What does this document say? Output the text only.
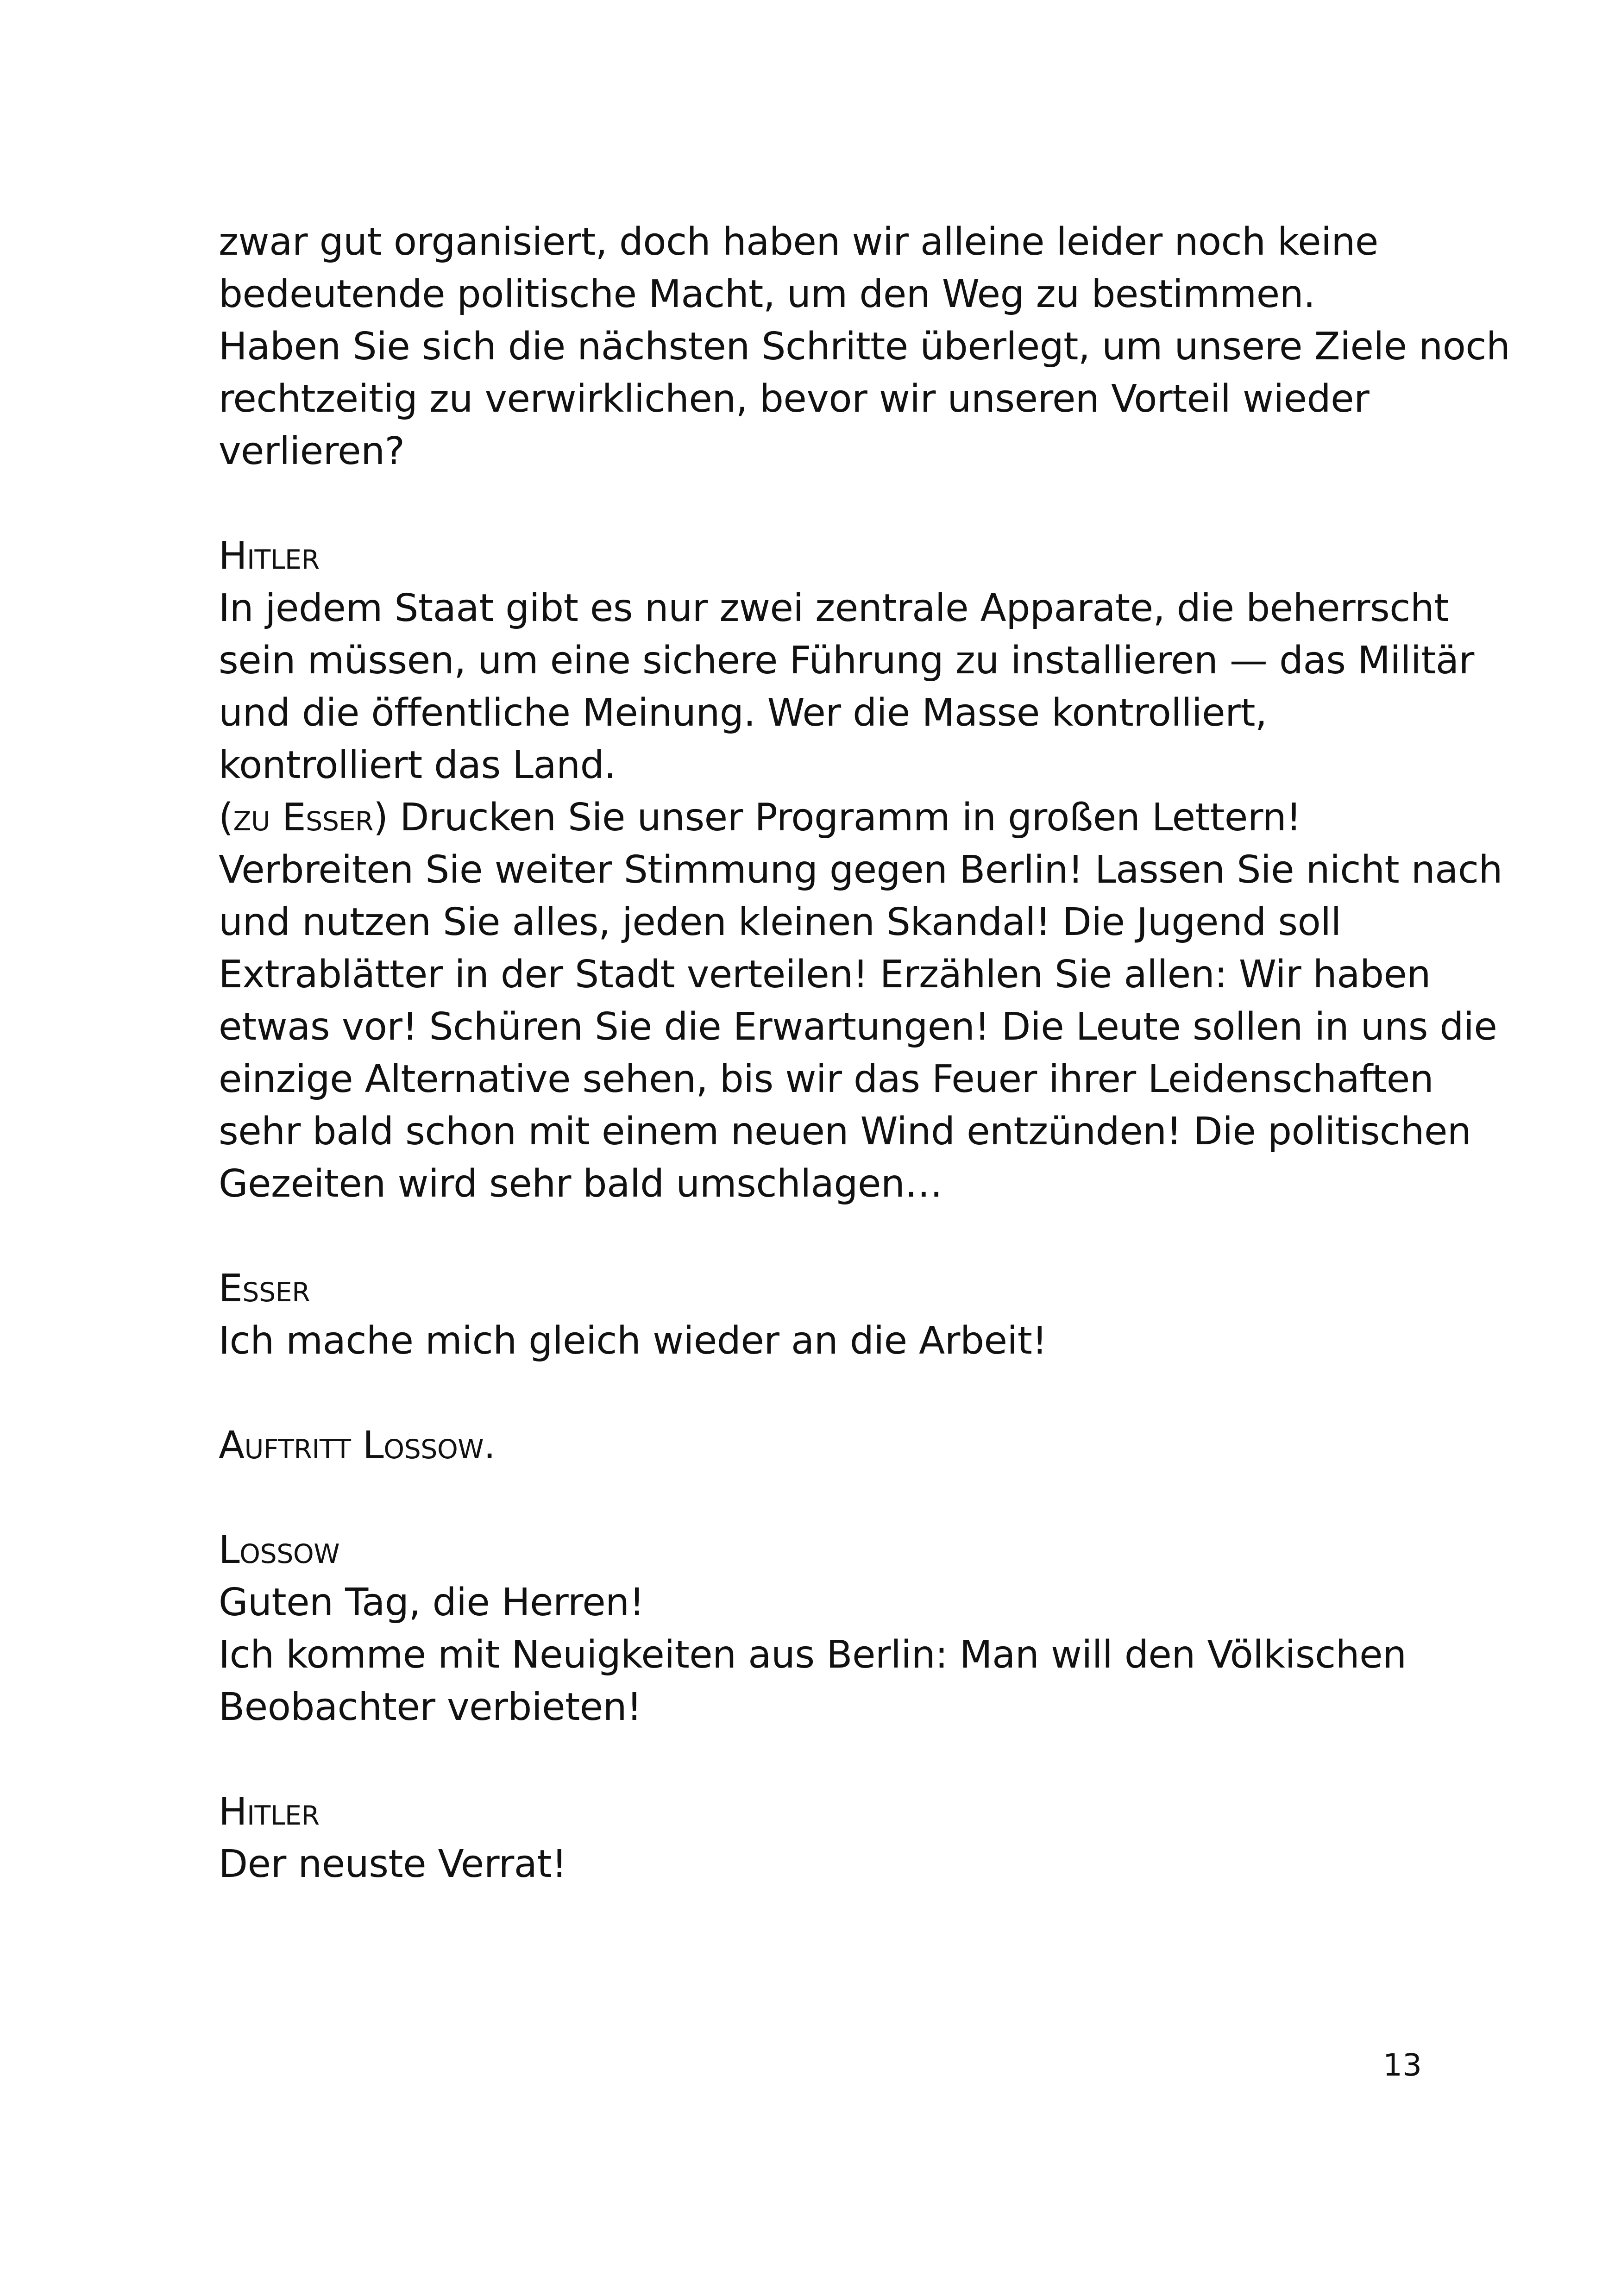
zwar gut organisiert, doch haben wir alleine leider noch keine
bedeutende politische Macht, um den Weg zu bestimmen.
Haben Sie sich die nächsten Schritte überlegt, um unsere Ziele noch
rechtzeitig zu verwirklichen, bevor wir unseren Vorteil wieder
verlieren?
Hitler
In jedem Staat gibt es nur zwei zentrale Apparate, die beherrscht
sein müssen, um eine sichere Führung zu installieren — das Militär
und die öffentliche Meinung. Wer die Masse kontrolliert,
kontrolliert das Land.
(zu Esser) Drucken Sie unser Programm in großen Lettern!
Verbreiten Sie weiter Stimmung gegen Berlin! Lassen Sie nicht nach
und nutzen Sie alles, jeden kleinen Skandal! Die Jugend soll
Extrablätter in der Stadt verteilen! Erzählen Sie allen: Wir haben
etwas vor! Schüren Sie die Erwartungen! Die Leute sollen in uns die
einzige Alternative sehen, bis wir das Feuer ihrer Leidenschaften
sehr bald schon mit einem neuen Wind entzünden! Die politischen
Gezeiten wird sehr bald umschlagen…
Esser
Ich mache mich gleich wieder an die Arbeit!
Auftritt Lossow.
Lossow
Guten Tag, die Herren!
Ich komme mit Neuigkeiten aus Berlin: Man will den Völkischen
Beobachter verbieten!
Hitler
Der neuste Verrat!
13
